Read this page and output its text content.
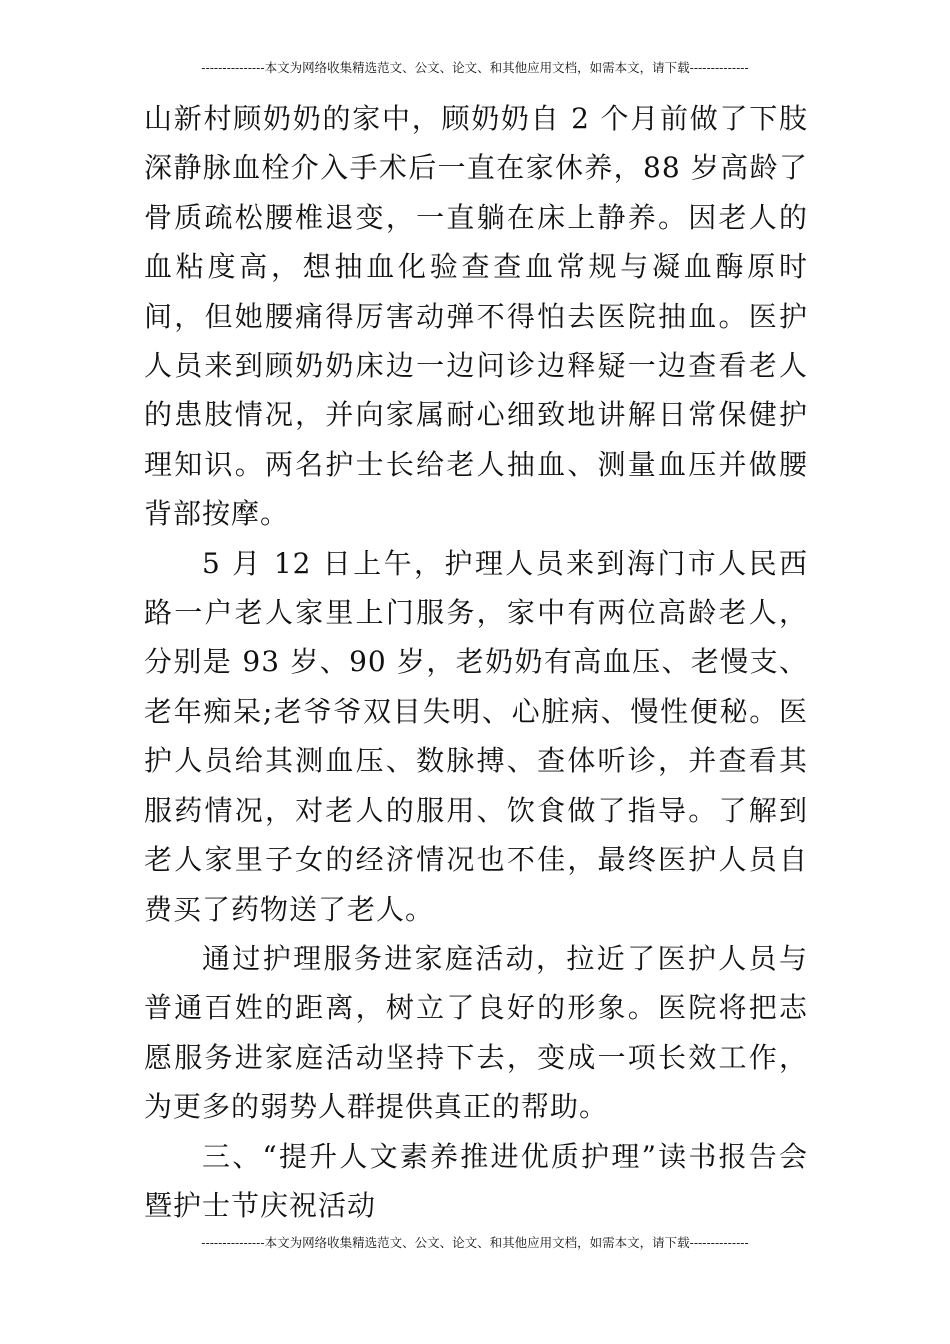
---------------本文为网络收集精选范文、公文、论文、和其他应用文档，如需本文，请下载--------------

山新村顾奶奶的家中，顾奶奶自 2 个月前做了下肢深静脉血栓介入手术后一直在家休养，88 岁高龄了骨质疏松腰椎退变，一直躺在床上静养。因老人的血粘度高，想抽血化验查查血常规与凝血酶原时间，但她腰痛得厉害动弹不得怕去医院抽血。医护人员来到顾奶奶床边一边问诊边释疑一边查看老人的患肢情况，并向家属耐心细致地讲解日常保健护理知识。两名护士长给老人抽血、测量血压并做腰背部按摩。

5 月 12 日上午，护理人员来到海门市人民西路一户老人家里上门服务，家中有两位高龄老人，分别是 93 岁、90 岁，老奶奶有高血压、老慢支、老年痴呆;老爷爷双目失明、心脏病、慢性便秘。医护人员给其测血压、数脉搏、查体听诊，并查看其服药情况，对老人的服用、饮食做了指导。了解到老人家里子女的经济情况也不佳，最终医护人员自费买了药物送了老人。

通过护理服务进家庭活动，拉近了医护人员与普通百姓的距离，树立了良好的形象。医院将把志愿服务进家庭活动坚持下去，变成一项长效工作，为更多的弱势人群提供真正的帮助。

三、“提升人文素养推进优质护理”读书报告会暨护士节庆祝活动

---------------本文为网络收集精选范文、公文、论文、和其他应用文档，如需本文，请下载--------------
